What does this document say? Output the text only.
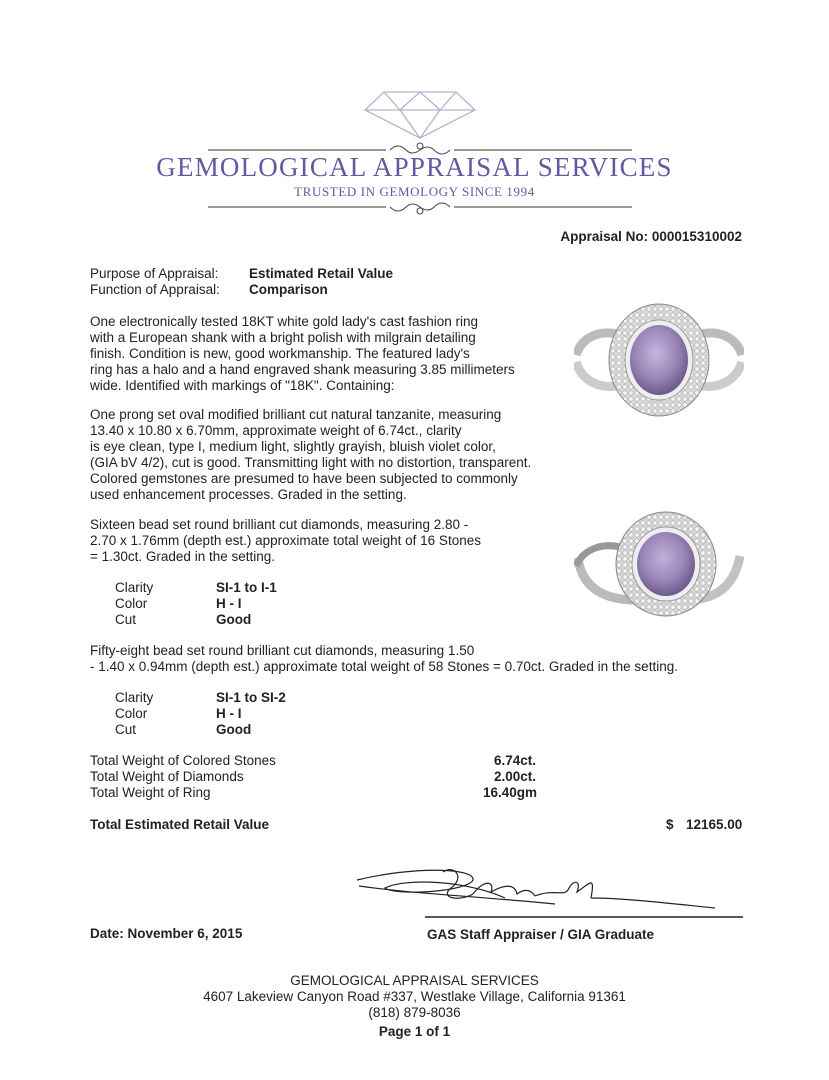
GEMOLOGICAL APPRAISAL SERVICES
TRUSTED IN GEMOLOGY SINCE 1994
Appraisal No: 000015310002
Purpose of Appraisal: Estimated Retail Value
Function of Appraisal: Comparison
One electronically tested 18KT white gold lady's cast fashion ring
with a European shank with a bright polish with milgrain detailing
finish. Condition is new, good workmanship. The featured lady's
ring has a halo and a hand engraved shank measuring 3.85 millimeters
wide. Identified with markings of "18K". Containing:
One prong set oval modified brilliant cut natural tanzanite, measuring
13.40 x 10.80 x 6.70mm, approximate weight of 6.74ct., clarity
is eye clean, type I, medium light, slightly grayish, bluish violet color,
(GIA bV 4/2), cut is good. Transmitting light with no distortion, transparent.
Colored gemstones are presumed to have been subjected to commonly
used enhancement processes. Graded in the setting.
Sixteen bead set round brilliant cut diamonds, measuring 2.80 -
2.70 x 1.76mm (depth est.) approximate total weight of 16 Stones
= 1.30ct. Graded in the setting.
Clarity	SI-1 to I-1
Color	H - I
Cut	Good
Fifty-eight bead set round brilliant cut diamonds, measuring 1.50
- 1.40 x 0.94mm (depth est.) approximate total weight of 58 Stones = 0.70ct. Graded in the setting.
Clarity	SI-1 to SI-2
Color	H - I
Cut	Good
Total Weight of Colored Stones	6.74ct.
Total Weight of Diamonds	2.00ct.
Total Weight of Ring	16.40gm
Total Estimated Retail Value	$ 12165.00
Date: November 6, 2015	GAS Staff Appraiser / GIA Graduate
GEMOLOGICAL APPRAISAL SERVICES
4607 Lakeview Canyon Road #337, Westlake Village, California 91361
(818) 879-8036
Page 1 of 1
